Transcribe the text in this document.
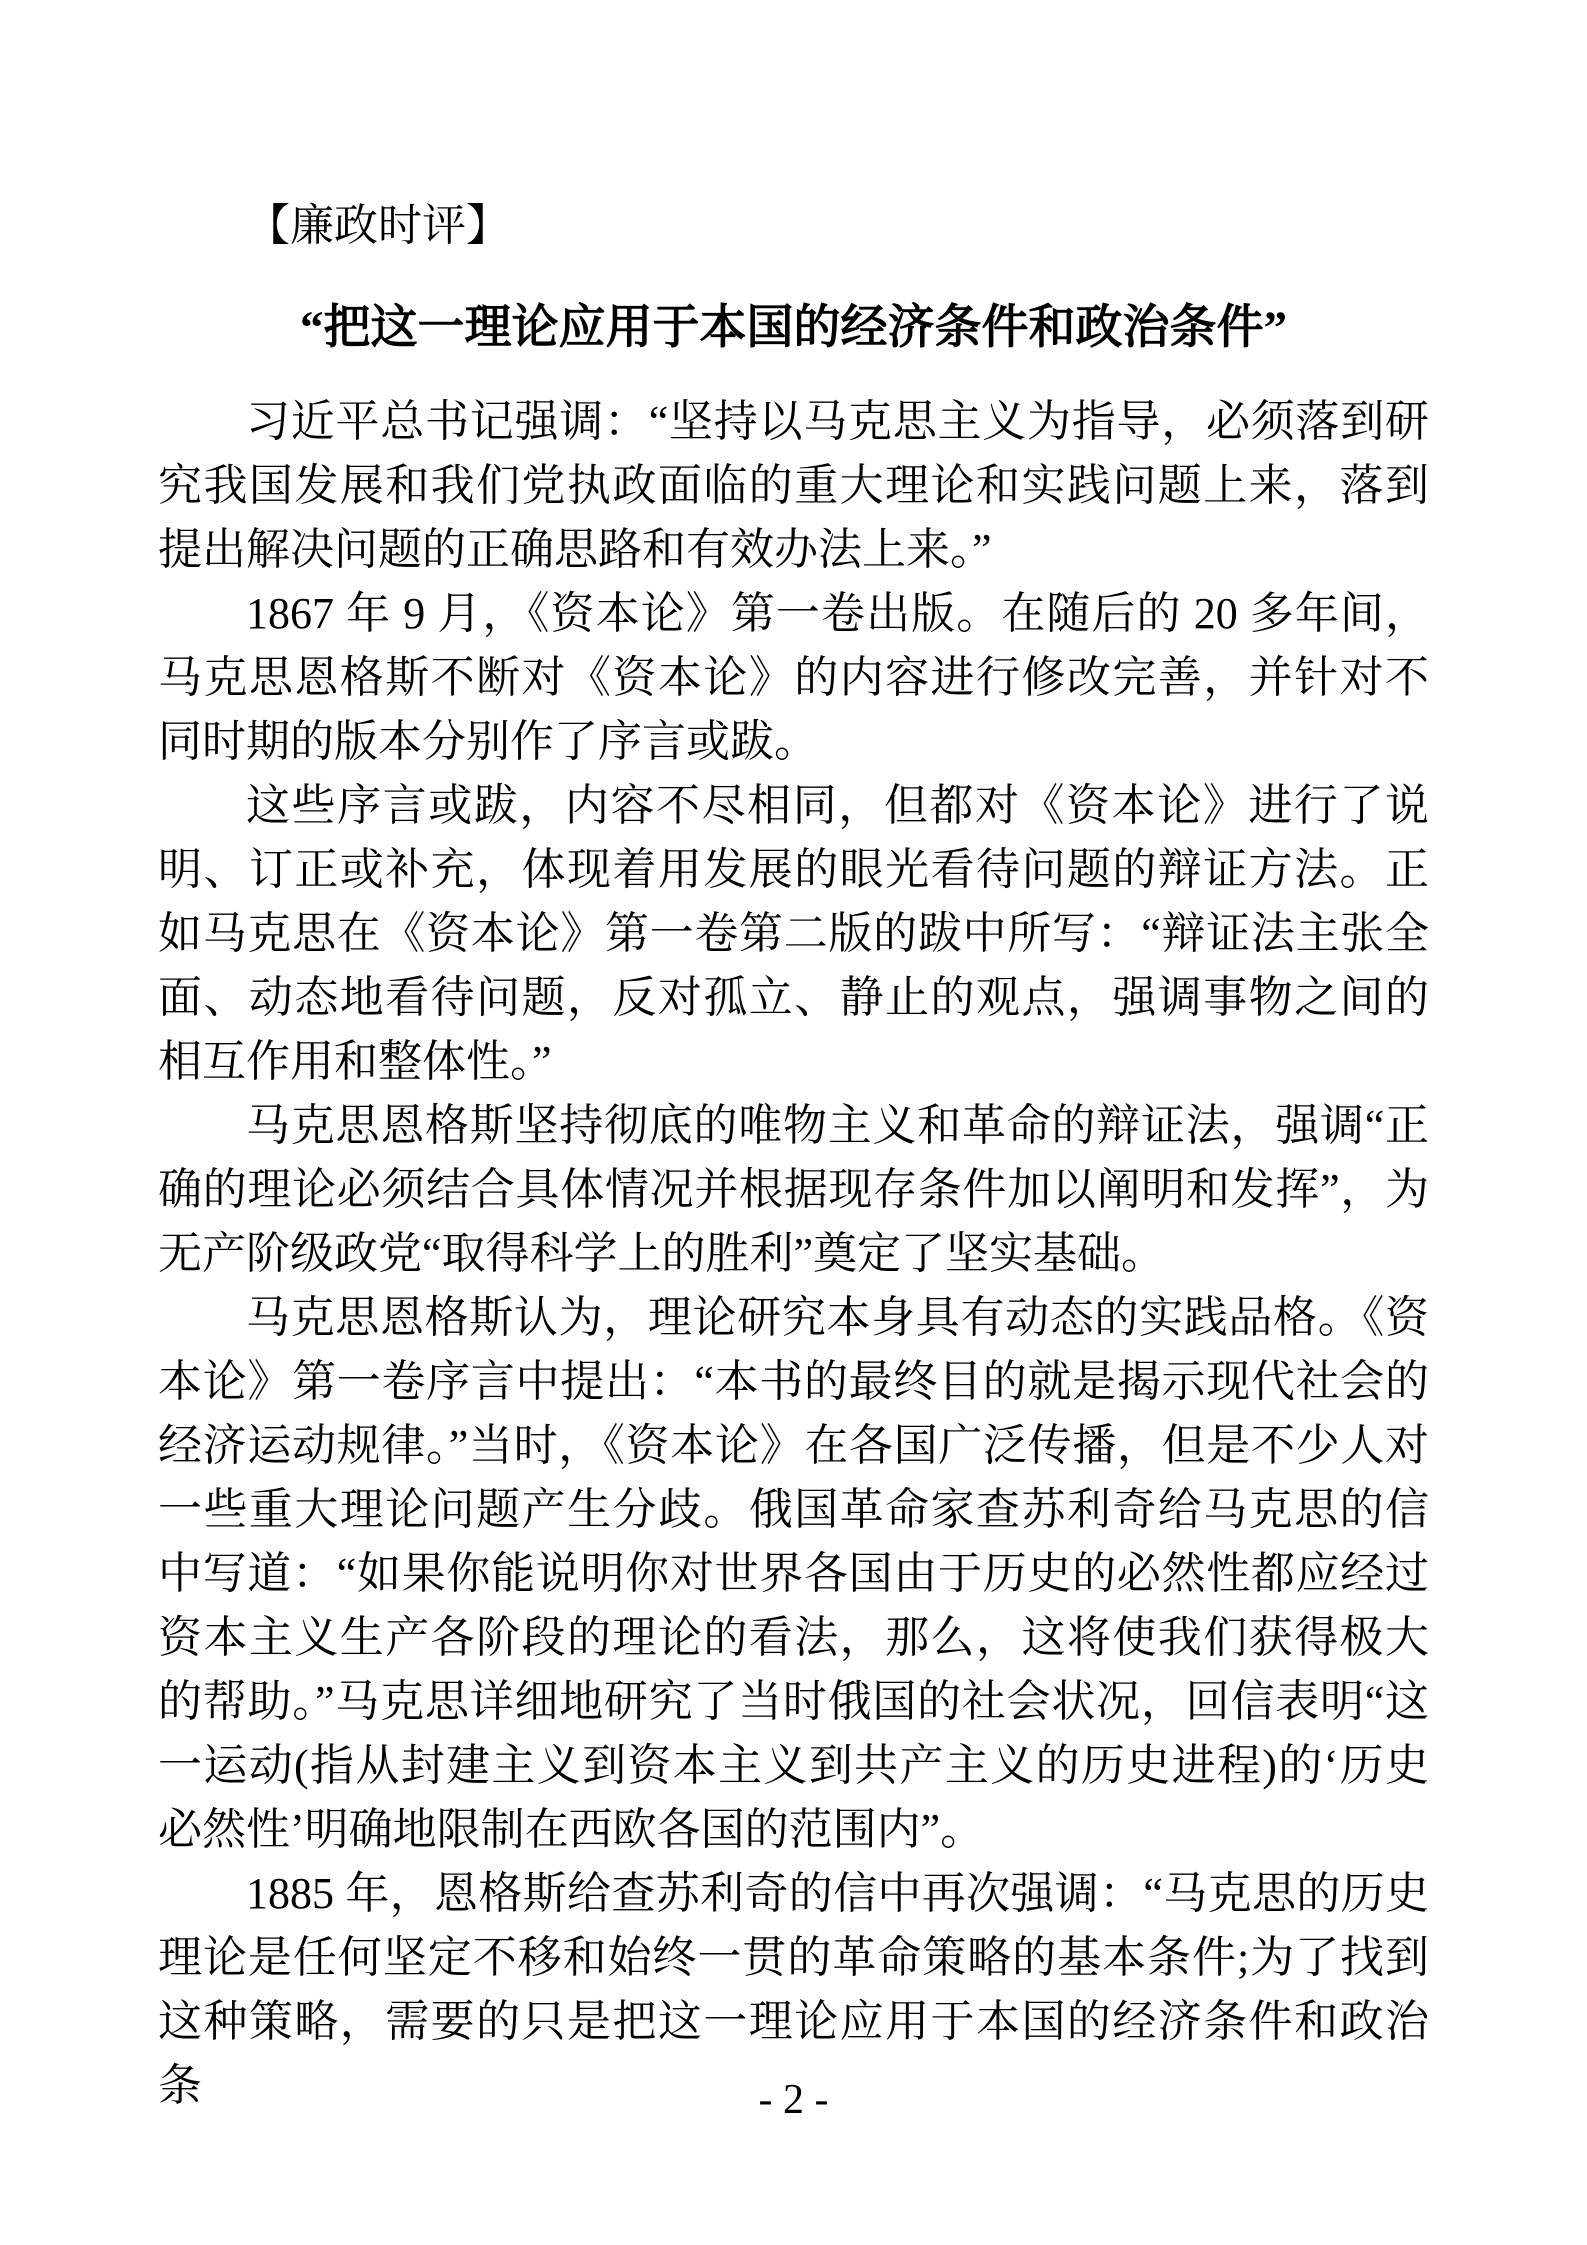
【廉政时评】
“把这一理论应用于本国的经济条件和政治条件”

习近平总书记强调：“坚持以马克思主义为指导，必须落到研究我国发展和我们党执政面临的重大理论和实践问题上来，落到提出解决问题的正确思路和有效办法上来。”

1867 年 9 月，《资本论》第一卷出版。在随后的 20 多年间，马克思恩格斯不断对《资本论》的内容进行修改完善，并针对不同时期的版本分别作了序言或跋。

这些序言或跋，内容不尽相同，但都对《资本论》进行了说明、订正或补充，体现着用发展的眼光看待问题的辩证方法。正如马克思在《资本论》第一卷第二版的跋中所写：“辩证法主张全面、动态地看待问题，反对孤立、静止的观点，强调事物之间的相互作用和整体性。”

马克思恩格斯坚持彻底的唯物主义和革命的辩证法，强调“正确的理论必须结合具体情况并根据现存条件加以阐明和发挥”，为无产阶级政党“取得科学上的胜利”奠定了坚实基础。

马克思恩格斯认为，理论研究本身具有动态的实践品格。《资本论》第一卷序言中提出：“本书的最终目的就是揭示现代社会的经济运动规律。”当时，《资本论》在各国广泛传播，但是不少人对一些重大理论问题产生分歧。俄国革命家查苏利奇给马克思的信中写道：“如果你能说明你对世界各国由于历史的必然性都应经过资本主义生产各阶段的理论的看法，那么，这将使我们获得极大的帮助。”马克思详细地研究了当时俄国的社会状况，回信表明“这一运动(指从封建主义到资本主义到共产主义的历史进程)的‘历史必然性’明确地限制在西欧各国的范围内”。

1885 年，恩格斯给查苏利奇的信中再次强调：“马克思的历史理论是任何坚定不移和始终一贯的革命策略的基本条件;为了找到这种策略，需要的只是把这一理论应用于本国的经济条件和政治条	- 2 -
